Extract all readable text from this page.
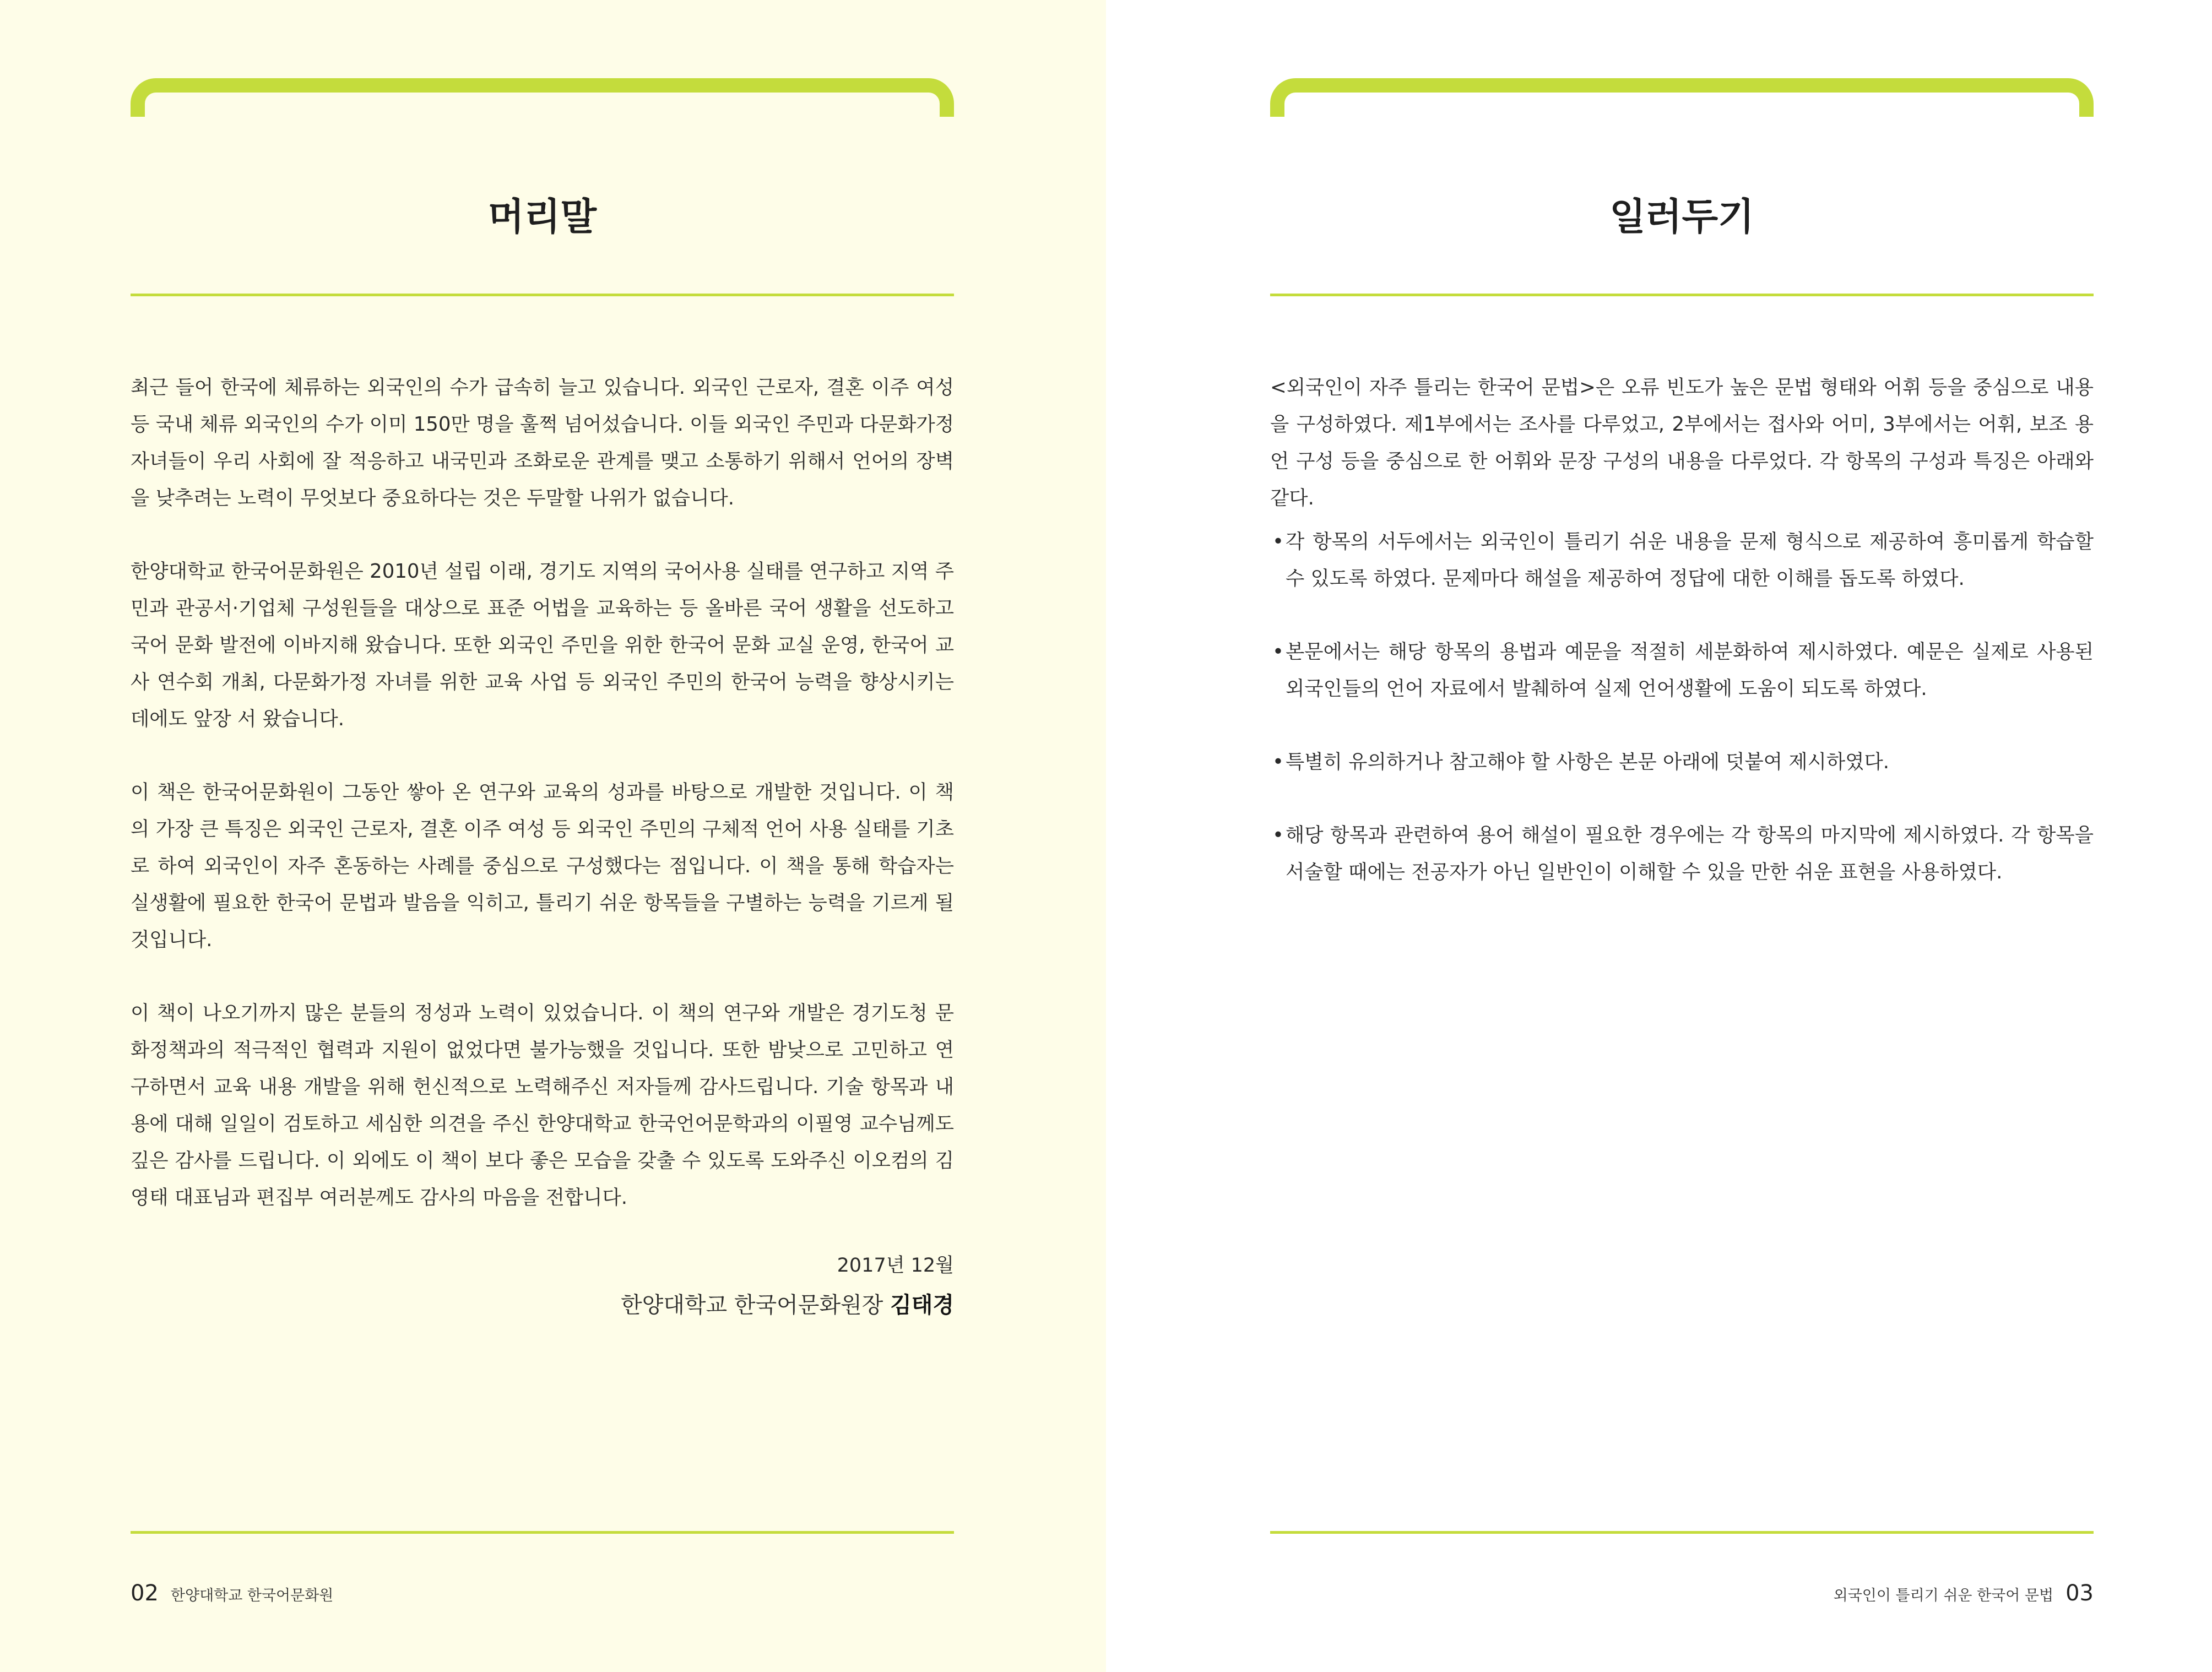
머리말

최근 들어 한국에 체류하는 외국인의 수가 급속히 늘고 있습니다. 외국인 근로자, 결혼 이주 여성 등 국내 체류 외국인의 수가 이미 150만 명을 훌쩍 넘어섰습니다. 이들 외국인 주민과 다문화가정 자녀들이 우리 사회에 잘 적응하고 내국민과 조화로운 관계를 맺고 소통하기 위해서 언어의 장벽을 낮추려는 노력이 무엇보다 중요하다는 것은 두말할 나위가 없습니다.

한양대학교 한국어문화원은 2010년 설립 이래, 경기도 지역의 국어사용 실태를 연구하고 지역 주민과 관공서·기업체 구성원들을 대상으로 표준 어법을 교육하는 등 올바른 국어 생활을 선도하고 국어 문화 발전에 이바지해 왔습니다. 또한 외국인 주민을 위한 한국어 문화 교실 운영, 한국어 교사 연수회 개최, 다문화가정 자녀를 위한 교육 사업 등 외국인 주민의 한국어 능력을 향상시키는 데에도 앞장 서 왔습니다.

이 책은 한국어문화원이 그동안 쌓아 온 연구와 교육의 성과를 바탕으로 개발한 것입니다. 이 책의 가장 큰 특징은 외국인 근로자, 결혼 이주 여성 등 외국인 주민의 구체적 언어 사용 실태를 기초로 하여 외국인이 자주 혼동하는 사례를 중심으로 구성했다는 점입니다. 이 책을 통해 학습자는 실생활에 필요한 한국어 문법과 발음을 익히고, 틀리기 쉬운 항목들을 구별하는 능력을 기르게 될 것입니다.

이 책이 나오기까지 많은 분들의 정성과 노력이 있었습니다. 이 책의 연구와 개발은 경기도청 문화정책과의 적극적인 협력과 지원이 없었다면 불가능했을 것입니다. 또한 밤낮으로 고민하고 연구하면서 교육 내용 개발을 위해 헌신적으로 노력해주신 저자들께 감사드립니다. 기술 항목과 내용에 대해 일일이 검토하고 세심한 의견을 주신 한양대학교 한국언어문학과의 이필영 교수님께도 깊은 감사를 드립니다. 이 외에도 이 책이 보다 좋은 모습을 갖출 수 있도록 도와주신 이오컴의 김영태 대표님과 편집부 여러분께도 감사의 마음을 전합니다.

2017년 12월
한양대학교 한국어문화원장 김태경
02 한양대학교 한국어문화원
일러두기

<외국인이 자주 틀리는 한국어 문법>은 오류 빈도가 높은 문법 형태와 어휘 등을 중심으로 내용을 구성하였다. 제1부에서는 조사를 다루었고, 2부에서는 접사와 어미, 3부에서는 어휘, 보조 용언 구성 등을 중심으로 한 어휘와 문장 구성의 내용을 다루었다. 각 항목의 구성과 특징은 아래와 같다.

• 각 항목의 서두에서는 외국인이 틀리기 쉬운 내용을 문제 형식으로 제공하여 흥미롭게 학습할 수 있도록 하였다. 문제마다 해설을 제공하여 정답에 대한 이해를 돕도록 하였다.
• 본문에서는 해당 항목의 용법과 예문을 적절히 세분화하여 제시하였다. 예문은 실제로 사용된 외국인들의 언어 자료에서 발췌하여 실제 언어생활에 도움이 되도록 하였다.
• 특별히 유의하거나 참고해야 할 사항은 본문 아래에 덧붙여 제시하였다.
• 해당 항목과 관련하여 용어 해설이 필요한 경우에는 각 항목의 마지막에 제시하였다. 각 항목을 서술할 때에는 전공자가 아닌 일반인이 이해할 수 있을 만한 쉬운 표현을 사용하였다.
외국인이 틀리기 쉬운 한국어 문법 03
